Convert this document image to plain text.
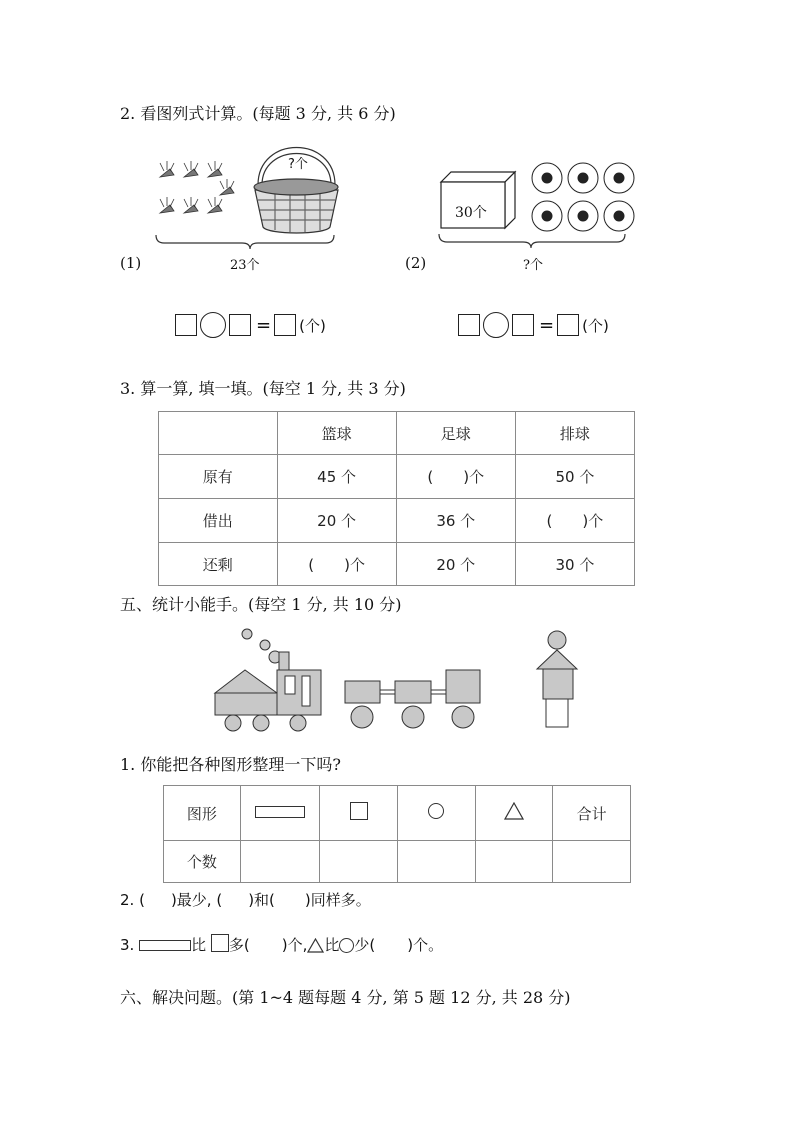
2. 看图列式计算。(每题 3 分, 共 6 分)
?个
(1)	23个
30个
(2)	?个
= (个)	= (个)
3. 算一算, 填一填。(每空 1 分, 共 3 分)
	篮球	足球	排球
原有	45 个	(　　)个	50 个
借出	20 个	36 个	(　　)个
还剩	(　　)个	20 个	30 个
五、统计小能手。(每空 1 分, 共 10 分)
1. 你能把各种图形整理一下吗?
图形					合计
个数					
2. ( )最少, ( )和( )同样多。
3.	比 多( )个, 比 少( )个。
六、解决问题。(第 1~4 题每题 4 分, 第 5 题 12 分, 共 28 分)
